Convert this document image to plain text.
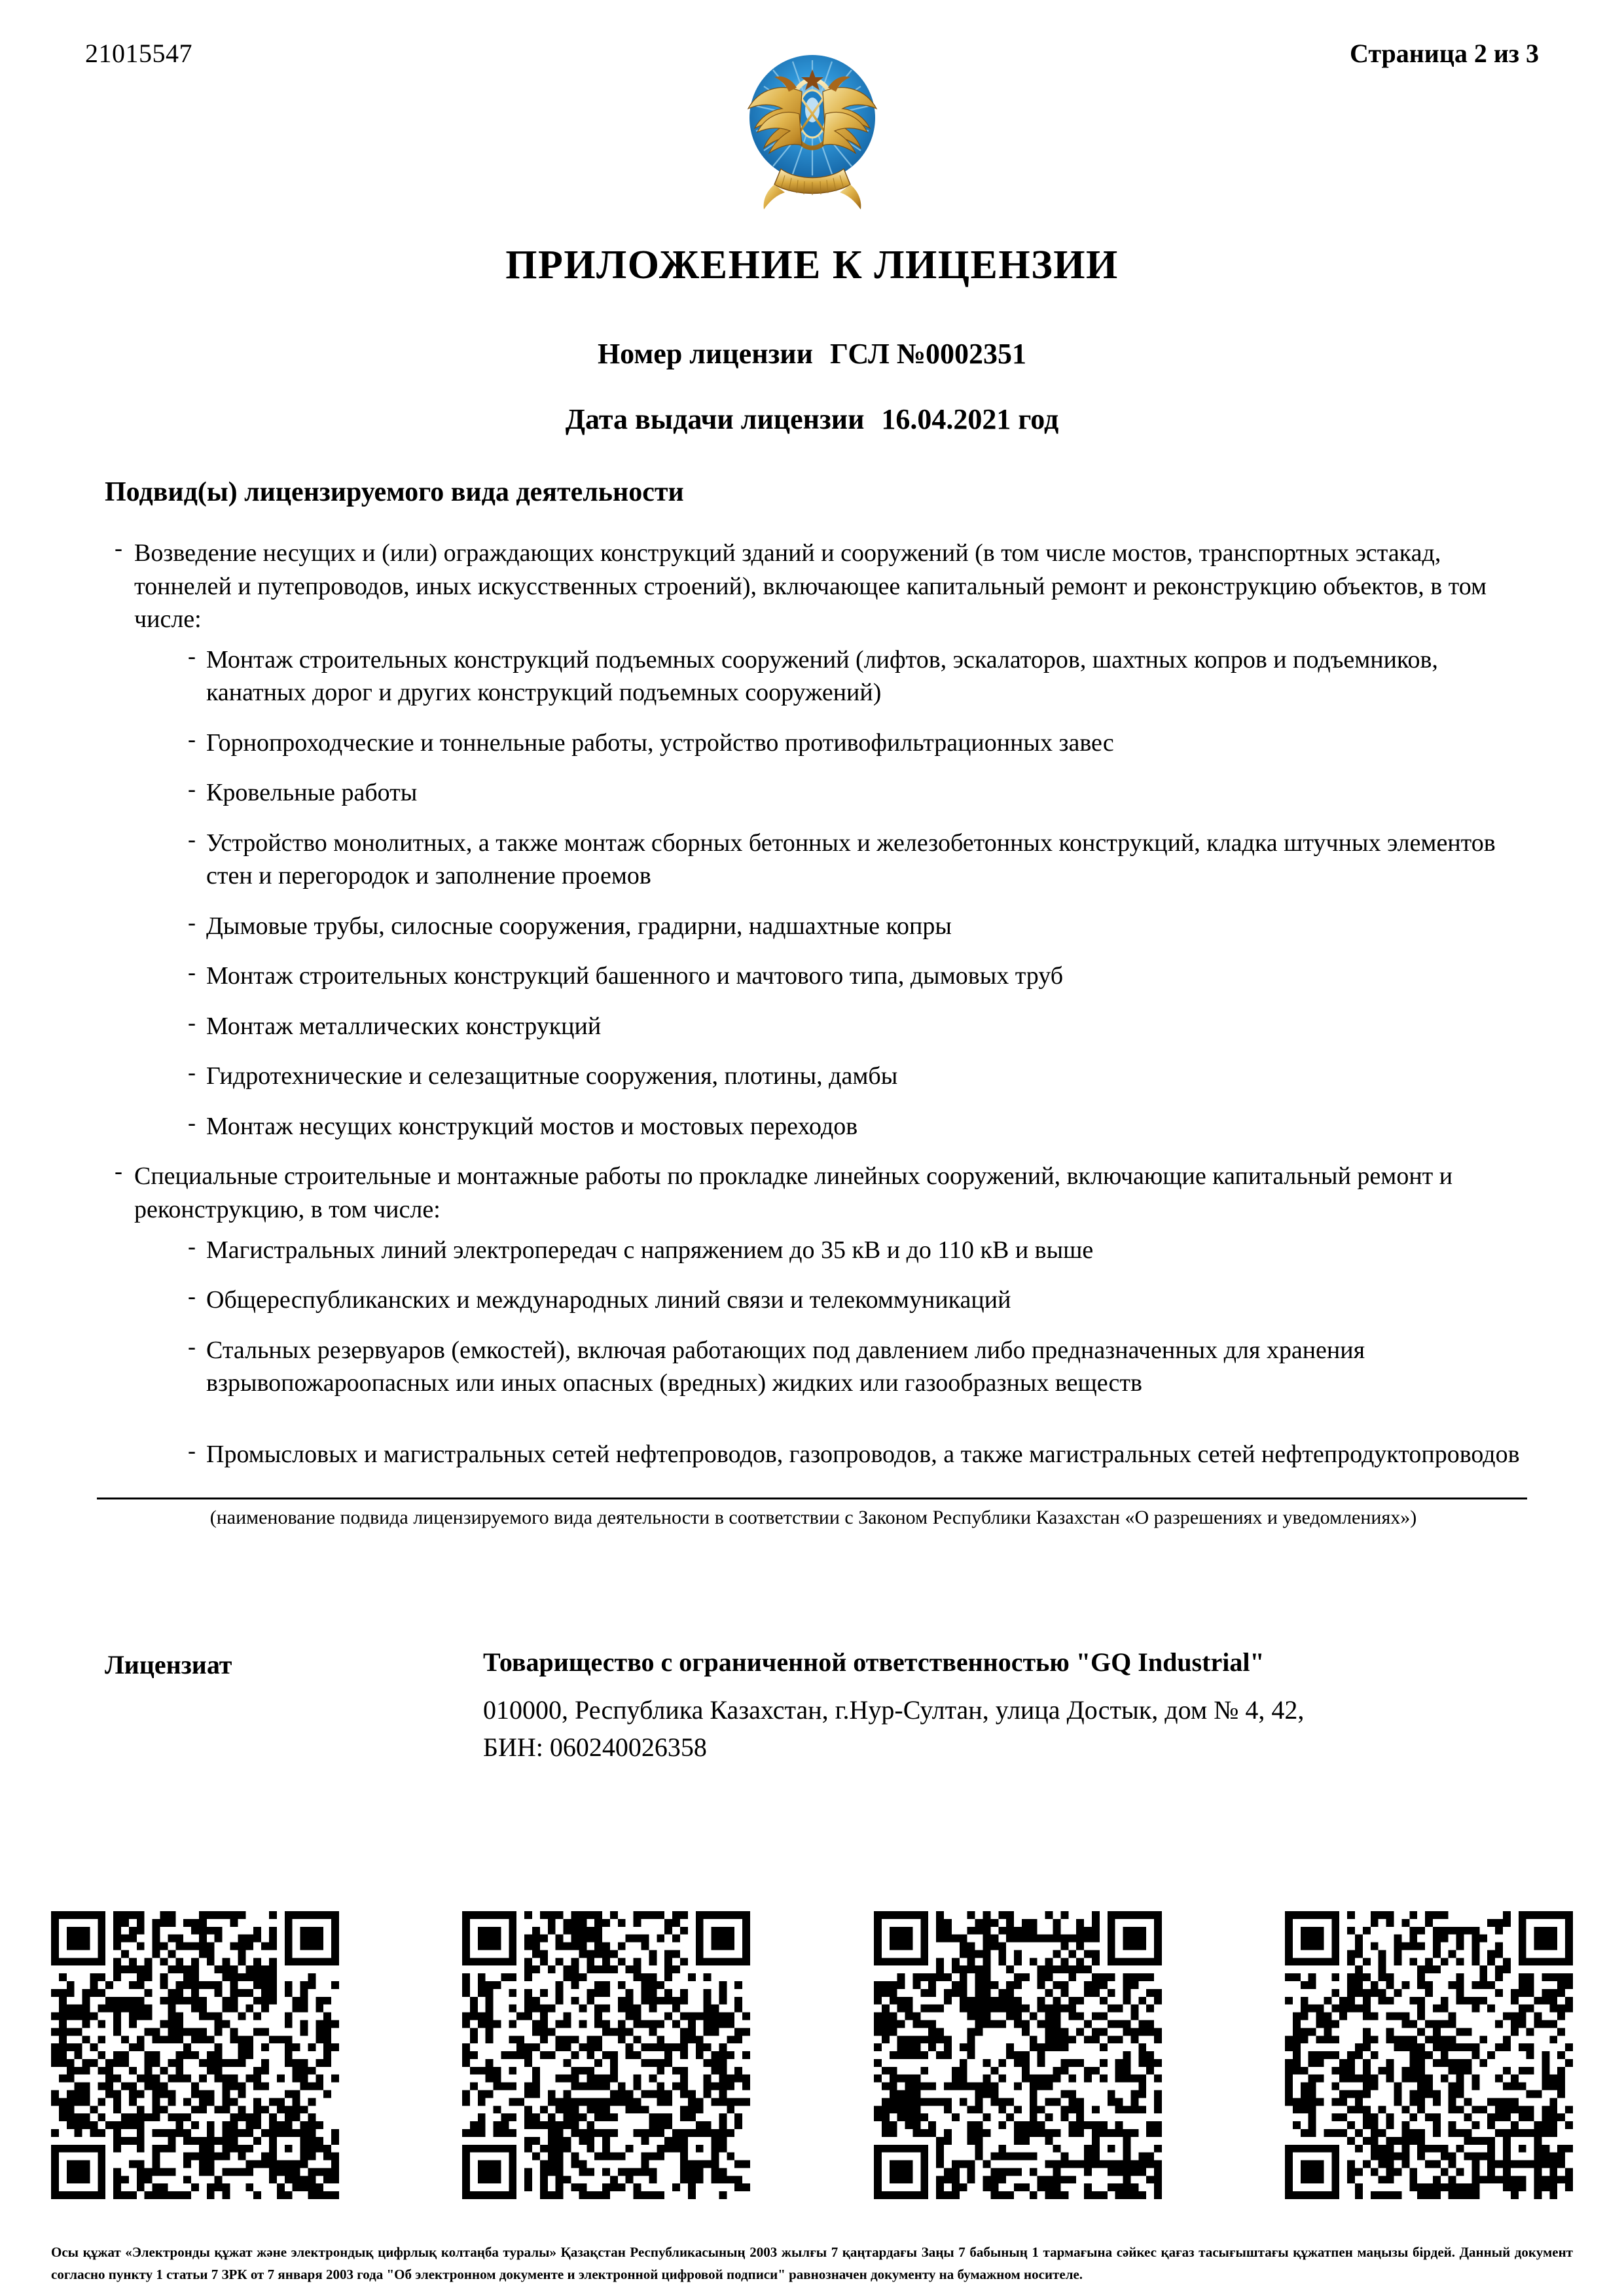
21015547	Страница 2 из 3
ПРИЛОЖЕНИЕ К ЛИЦЕНЗИИ
Номер лицензии ГСЛ №0002351
Дата выдачи лицензии 16.04.2021 год
Подвид(ы) лицензируемого вида деятельности
- Возведение несущих и (или) ограждающих конструкций зданий и сооружений (в том числе мостов, транспортных эстакад, тоннелей и путепроводов, иных искусственных строений), включающее капитальный ремонт и реконструкцию объектов, в том числе:
- Монтаж строительных конструкций подъемных сооружений (лифтов, эскалаторов, шахтных копров и подъемников, канатных дорог и других конструкций подъемных сооружений)
- Горнопроходческие и тоннельные работы, устройство противофильтрационных завес
- Кровельные работы
- Устройство монолитных, а также монтаж сборных бетонных и железобетонных конструкций, кладка штучных элементов стен и перегородок и заполнение проемов
- Дымовые трубы, силосные сооружения, градирни, надшахтные копры
- Монтаж строительных конструкций башенного и мачтового типа, дымовых труб
- Монтаж металлических конструкций
- Гидротехнические и селезащитные сооружения, плотины, дамбы
- Монтаж несущих конструкций мостов и мостовых переходов
- Специальные строительные и монтажные работы по прокладке линейных сооружений, включающие капитальный ремонт и реконструкцию, в том числе:
- Магистральных линий электропередач с напряжением до 35 кВ и до 110 кВ и выше
- Общереспубликанских и международных линий связи и телекоммуникаций
- Стальных резервуаров (емкостей), включая работающих под давлением либо предназначенных для хранения взрывопожароопасных или иных опасных (вредных) жидких или газообразных веществ
- Промысловых и магистральных сетей нефтепроводов, газопроводов, а также магистральных сетей нефтепродуктопроводов
(наименование подвида лицензируемого вида деятельности в соответствии с Законом Республики Казахстан «О разрешениях и уведомлениях»)
Лицензиат	Товарищество с ограниченной ответственностью "GQ Industrial"
010000, Республика Казахстан, г.Нур-Султан, улица Достык, дом № 4, 42,
БИН: 060240026358
Осы құжат «Электронды құжат және электрондық цифрлық колтаңба туралы» Қазақстан Республикасының 2003 жылғы 7 қаңтардағы Заңы 7 бабының 1 тармағына сәйкес қағаз тасығыштағы құжатпен маңызы бірдей. Данный документ согласно пункту 1 статьи 7 ЗРК от 7 января 2003 года "Об электронном документе и электронной цифровой подписи" равнозначен документу на бумажном носителе.
